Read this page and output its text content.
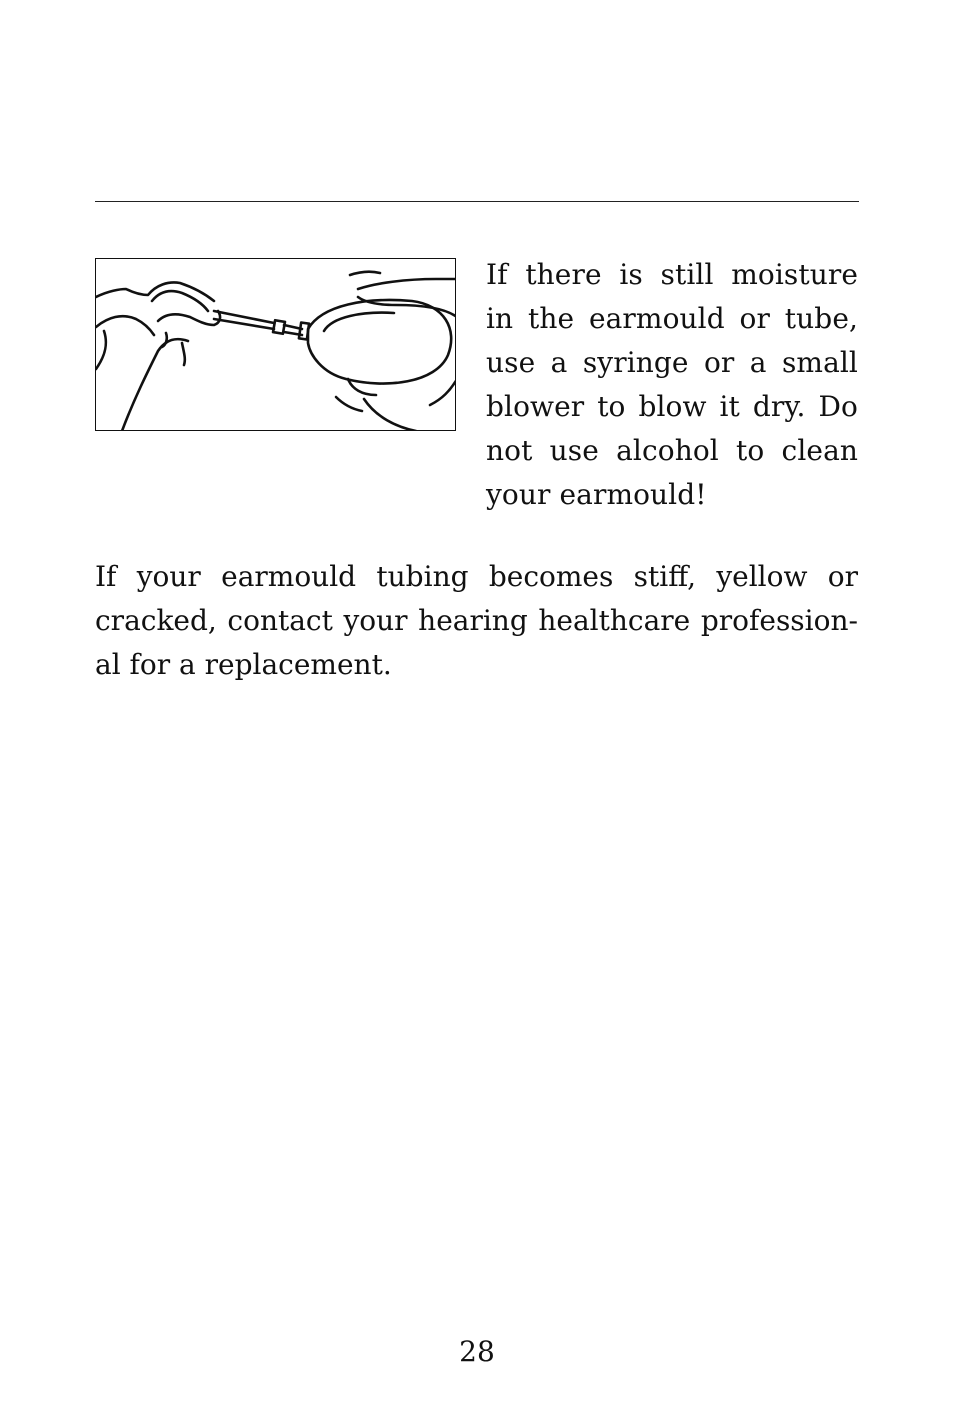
If there is still moisture
in the earmould or tube,
use a syringe or a small
blower to blow it dry. Do
not use alcohol to clean
your earmould!
If your earmould tubing becomes stiff, yellow or
cracked, contact your hearing healthcare profession-
al for a replacement.
28
